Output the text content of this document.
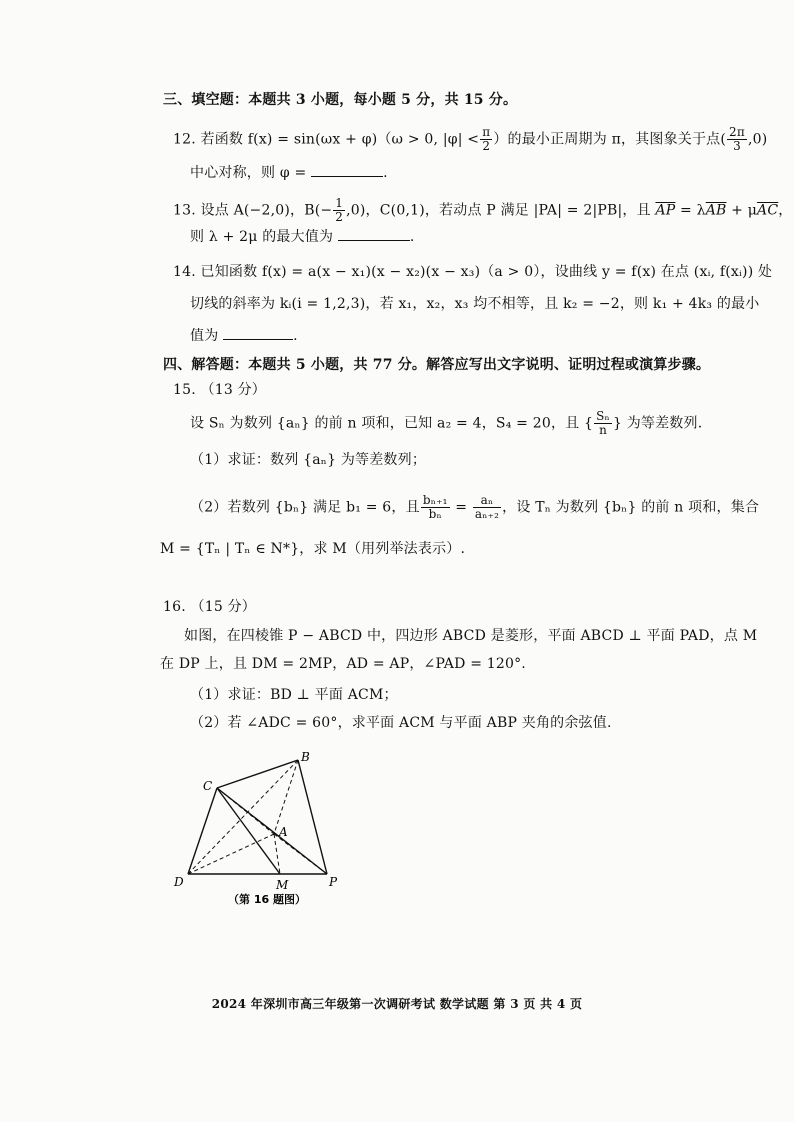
三、填空题：本题共 3 小题，每小题 5 分，共 15 分。
12. 若函数 f(x) = sin(ωx + φ)（ω > 0, $|\varphi| < \frac{\pi}{2}$ ）的最小正周期为 π，其图象关于点( $\frac{2\pi}{3} ,0$)
中心对称，则 φ =	.
13. 设点 A(−2,0)，$B(- \frac{1}{2} ,0)$，C(0,1)，若动点 P 满足 |PA| = 2|PB|，且 $\overline{AP} = \lambda\overline{AB} + \mu\overline{AC}$，
则 λ + 2μ 的最大值为	.
14. 已知函数 f(x) = a(x − x₁)(x − x₂)(x − x₃)（a > 0），设曲线 y = f(x) 在点 (xᵢ, f(xᵢ)) 处
切线的斜率为 kᵢ(i = 1,2,3)，若 x₁，x₂，x₃ 均不相等，且 k₂ = −2，则 k₁ + 4k₃ 的最小
值为	.
四、解答题：本题共 5 小题，共 77 分。解答应写出文字说明、证明过程或演算步骤。
15. （13 分）
设 Sₙ 为数列 {aₙ} 的前 n 项和，已知 a₂ = 4，S₄ = 20，且 { $\frac{\text{Sₙ}}{n}$ } 为等差数列.
（1）求证：数列 {aₙ} 为等差数列；
（2）若数列 {bₙ} 满足 b₁ = 6，且 $\frac{\text{bₙ₊₁}}{\text{bₙ}} = \frac{\text{aₙ}}{\text{aₙ₊₂}}$ ，设 Tₙ 为数列 {bₙ} 的前 n 项和，集合
M = {Tₙ | Tₙ ∈ N*}，求 M（用列举法表示）.
16. （15 分）
如图，在四棱锥 P − ABCD 中，四边形 ABCD 是菱形，平面 ABCD ⊥ 平面 PAD，点 M
在 DP 上，且 DM = 2MP，AD = AP，∠PAD = 120°.
（1）求证：BD ⊥ 平面 ACM；
（2）若 ∠ADC = 60°，求平面 ACM 与平面 ABP 夹角的余弦值.
B
C
A
D	M	P
（第 16 题图）
2024 年深圳市高三年级第一次调研考试 数学试题 第 3 页 共 4 页
